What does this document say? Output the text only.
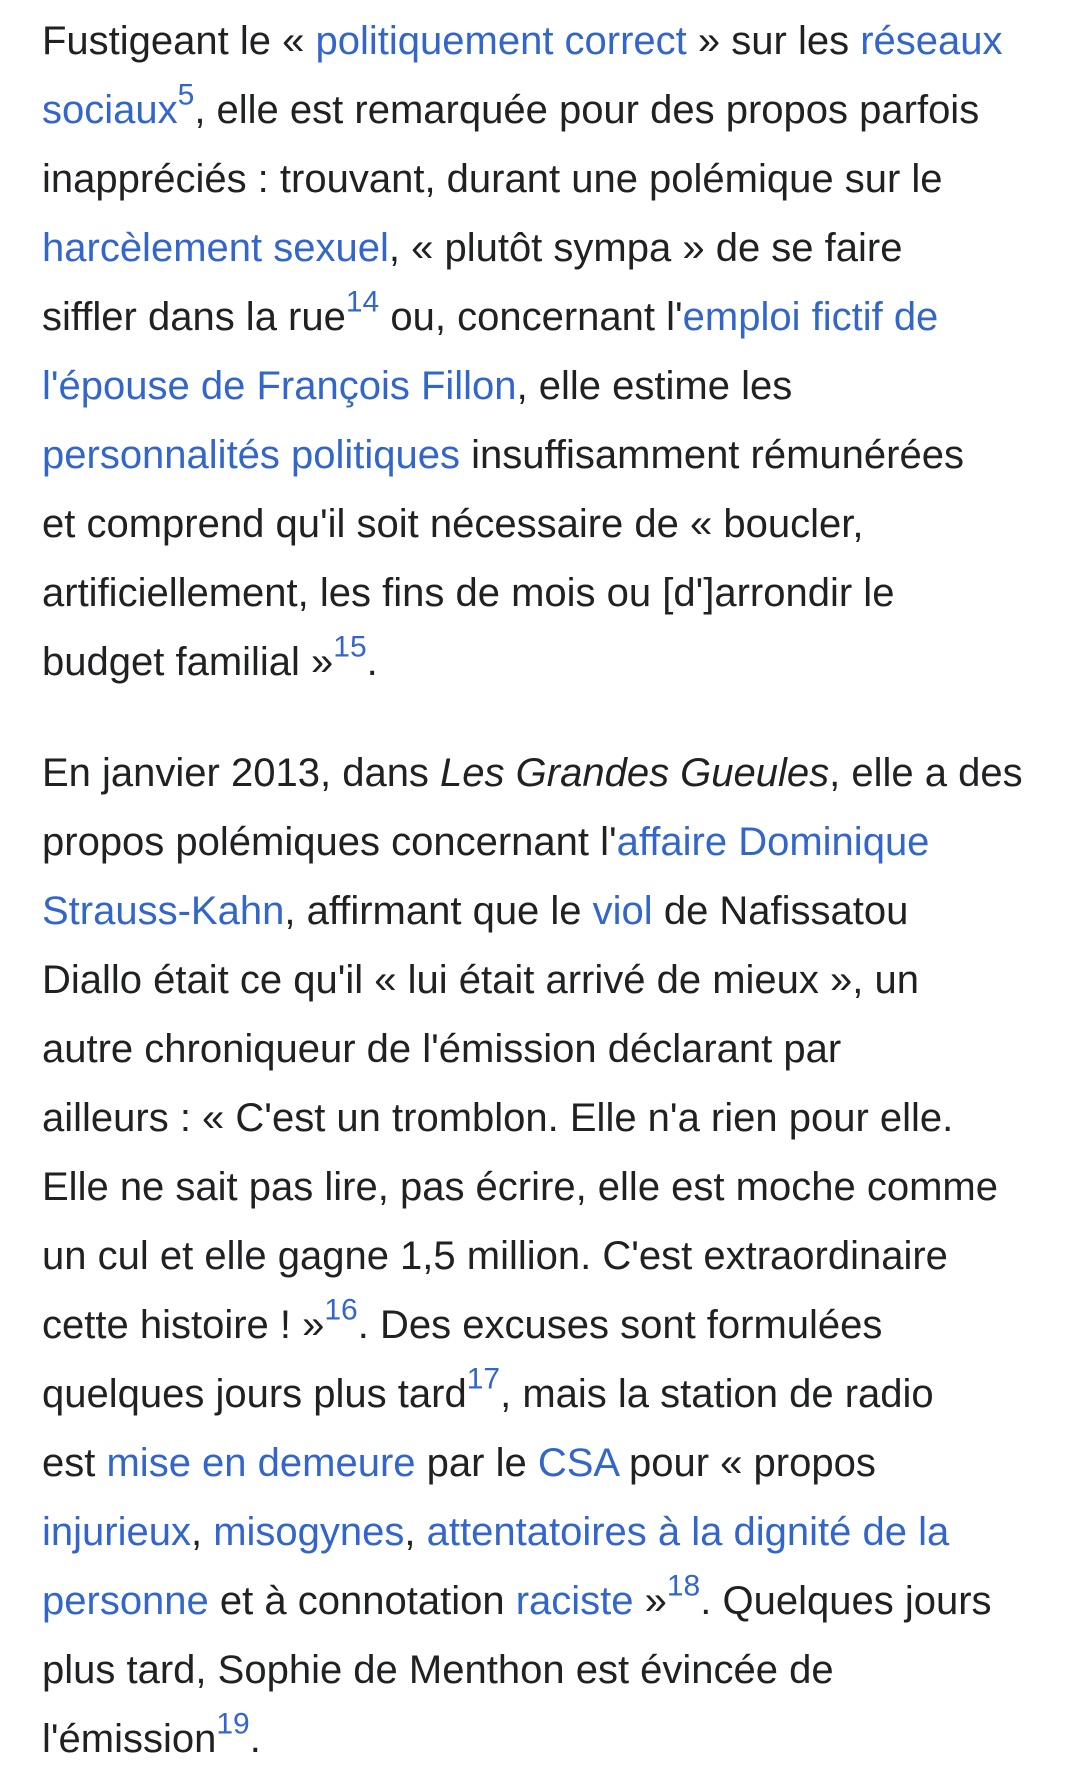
Fustigeant le « politiquement correct » sur les réseaux
sociaux$^5$, elle est remarquée pour des propos parfois
inappréciés : trouvant, durant une polémique sur le
harcèlement sexuel, « plutôt sympa » de se faire
siffler dans la rue$^{14}$ ou, concernant l'emploi fictif de
l'épouse de François Fillon, elle estime les
personnalités politiques insuffisamment rémunérées
et comprend qu'il soit nécessaire de « boucler,
artificiellement, les fins de mois ou [d']arrondir le
budget familial »$^{15}$.

En janvier 2013, dans Les Grandes Gueules, elle a des
propos polémiques concernant l'affaire Dominique
Strauss-Kahn, affirmant que le viol de Nafissatou
Diallo était ce qu'il « lui était arrivé de mieux », un
autre chroniqueur de l'émission déclarant par
ailleurs : « C'est un tromblon. Elle n'a rien pour elle.
Elle ne sait pas lire, pas écrire, elle est moche comme
un cul et elle gagne 1,5 million. C'est extraordinaire
cette histoire ! »$^{16}$. Des excuses sont formulées
quelques jours plus tard$^{17}$, mais la station de radio
est mise en demeure par le CSA pour « propos
injurieux, misogynes, attentatoires à la dignité de la
personne et à connotation raciste »$^{18}$. Quelques jours
plus tard, Sophie de Menthon est évincée de
l'émission$^{19}$.
